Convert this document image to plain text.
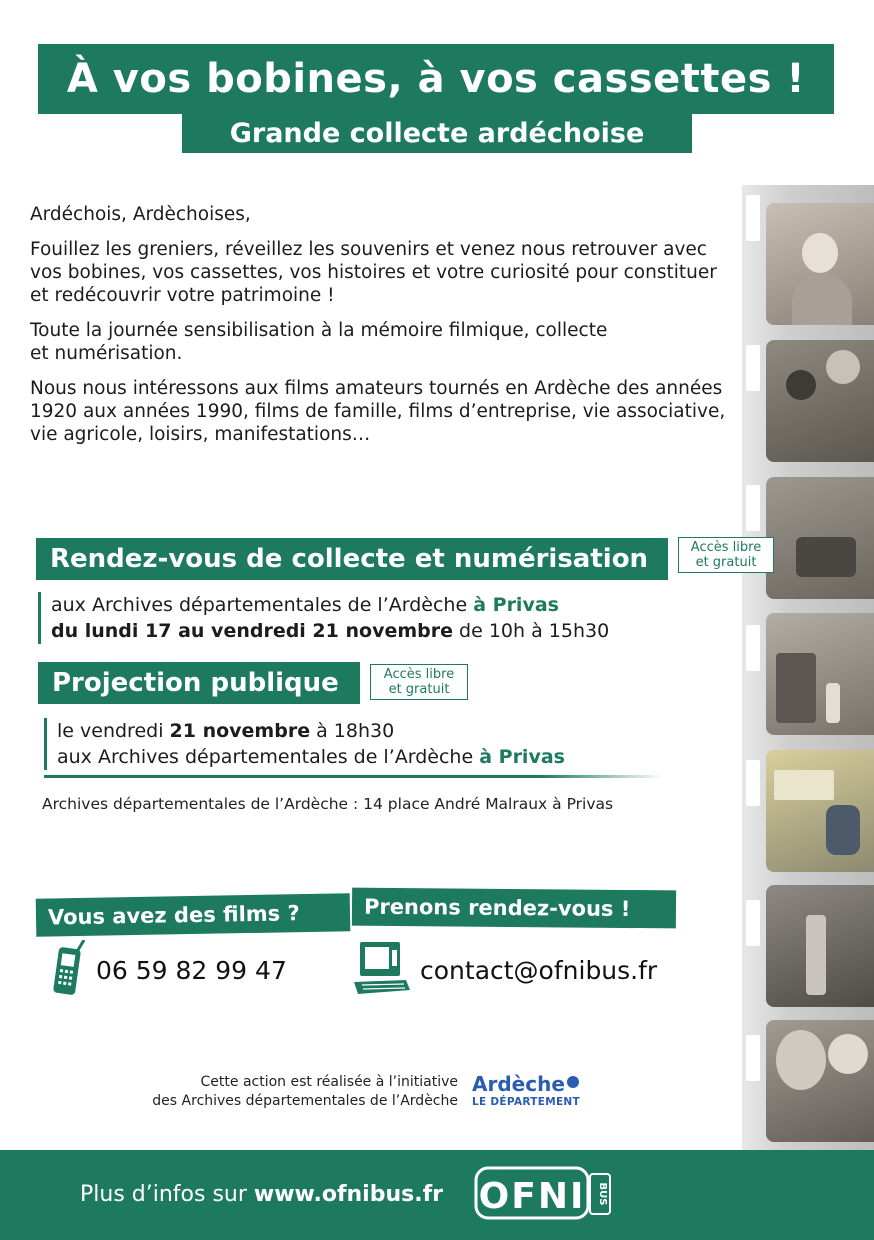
À vos bobines, à vos cassettes !
Grande collecte ardéchoise

Ardéchois, Ardèchoises,

Fouillez les greniers, réveillez les souvenirs et venez nous retrouver avec vos bobines, vos cassettes, vos histoires et votre curiosité pour constituer et redécouvrir votre patrimoine !

Toute la journée sensibilisation à la mémoire filmique, collecte et numérisation.

Nous nous intéressons aux films amateurs tournés en Ardèche des années 1920 aux années 1990, films de famille, films d’entreprise, vie associative, vie agricole, loisirs, manifestations…

Rendez-vous de collecte et numérisation	Accès libre
et gratuit
aux Archives départementales de l’Ardèche à Privas
du lundi 17 au vendredi 21 novembre de 10h à 15h30
Projection publique	Accès libre
et gratuit
le vendredi 21 novembre à 18h30
aux Archives départementales de l’Ardèche à Privas
Archives départementales de l’Ardèche : 14 place André Malraux à Privas
Vous avez des films ?	Prenons rendez-vous !
06 59 82 99 47	contact@ofnibus.fr
Cette action est réalisée à l’initiative
des Archives départementales de l’Ardèche
Ardèche
LE DÉPARTEMENT
Plus d’infos sur www.ofnibus.fr OFNI BUS
